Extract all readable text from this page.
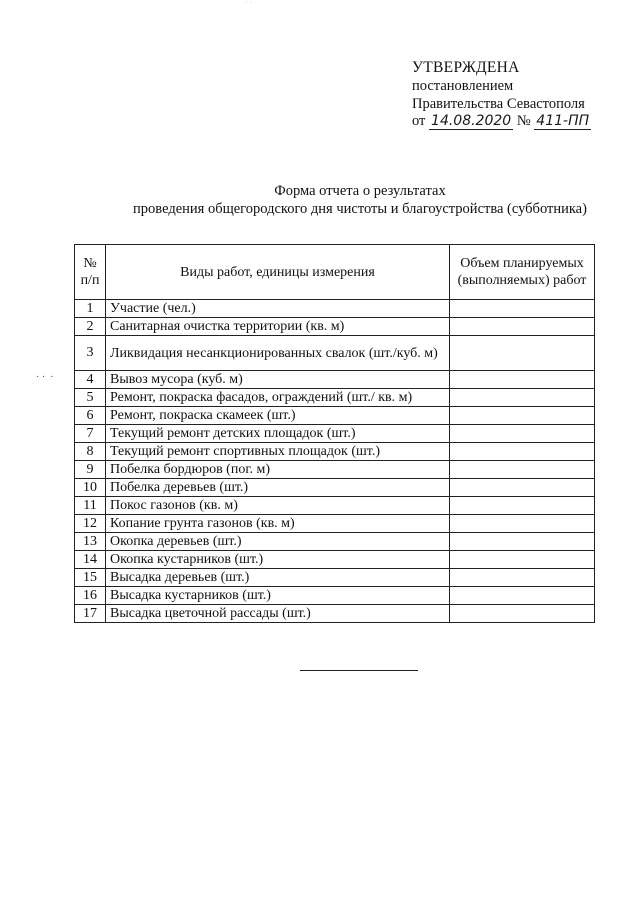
˙ ˙
УТВЕРЖДЕНА
постановлением
Правительства Севастополя
от 14.08.2020 № 411-ПП
Форма отчета о результатах
проведения общегородского дня чистоты и благоустройства (субботника)
· ·  ·
№
п/п	Виды работ, единицы измерения	Объем планируемых (выполняемых) работ
1	Участие (чел.)	
2	Санитарная очистка территории (кв. м)	
3	Ликвидация несанкционированных свалок (шт./куб. м)	
4	Вывоз мусора (куб. м)	
5	Ремонт, покраска фасадов, ограждений (шт./ кв. м)	
6	Ремонт, покраска скамеек (шт.)	
7	Текущий ремонт детских площадок (шт.)	
8	Текущий ремонт спортивных площадок (шт.)	
9	Побелка бордюров (пог. м)	
10	Побелка деревьев (шт.)	
11	Покос газонов (кв. м)	
12	Копание грунта газонов (кв. м)	
13	Окопка деревьев (шт.)	
14	Окопка кустарников (шт.)	
15	Высадка деревьев (шт.)	
16	Высадка кустарников (шт.)	
17	Высадка цветочной рассады (шт.)	
